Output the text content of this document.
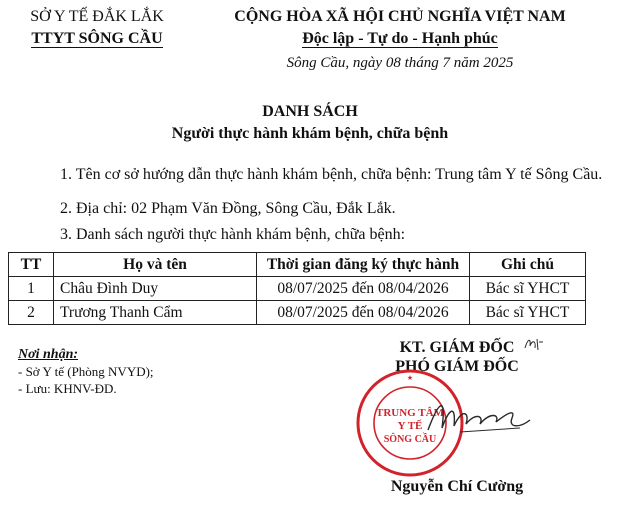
SỞ Y TẾ ĐẮK LẮK
TTYT SÔNG CẦU
CỘNG HÒA XÃ HỘI CHỦ NGHĨA VIỆT NAM
Độc lập - Tự do - Hạnh phúc
Sông Cầu, ngày 08 tháng 7 năm 2025
DANH SÁCH
Người thực hành khám bệnh, chữa bệnh
1. Tên cơ sở hướng dẫn thực hành khám bệnh, chữa bệnh: Trung tâm Y tế Sông Cầu.
2. Địa chỉ: 02 Phạm Văn Đồng, Sông Cầu, Đắk Lắk.
3. Danh sách người thực hành khám bệnh, chữa bệnh:
TT	Họ và tên	Thời gian đăng ký thực hành	Ghi chú
1	Châu Đình Duy	08/07/2025 đến 08/04/2026	Bác sĩ YHCT
2	Trương Thanh Cẩm	08/07/2025 đến 08/04/2026	Bác sĩ YHCT
Nơi nhận:
- Sở Y tế (Phòng NVYD);
- Lưu: KHNV-ĐD.
KT. GIÁM ĐỐC
PHÓ GIÁM ĐỐC
★
TRUNG TÂM
Y TẾ
SÔNG CẦU
Nguyễn Chí Cường
